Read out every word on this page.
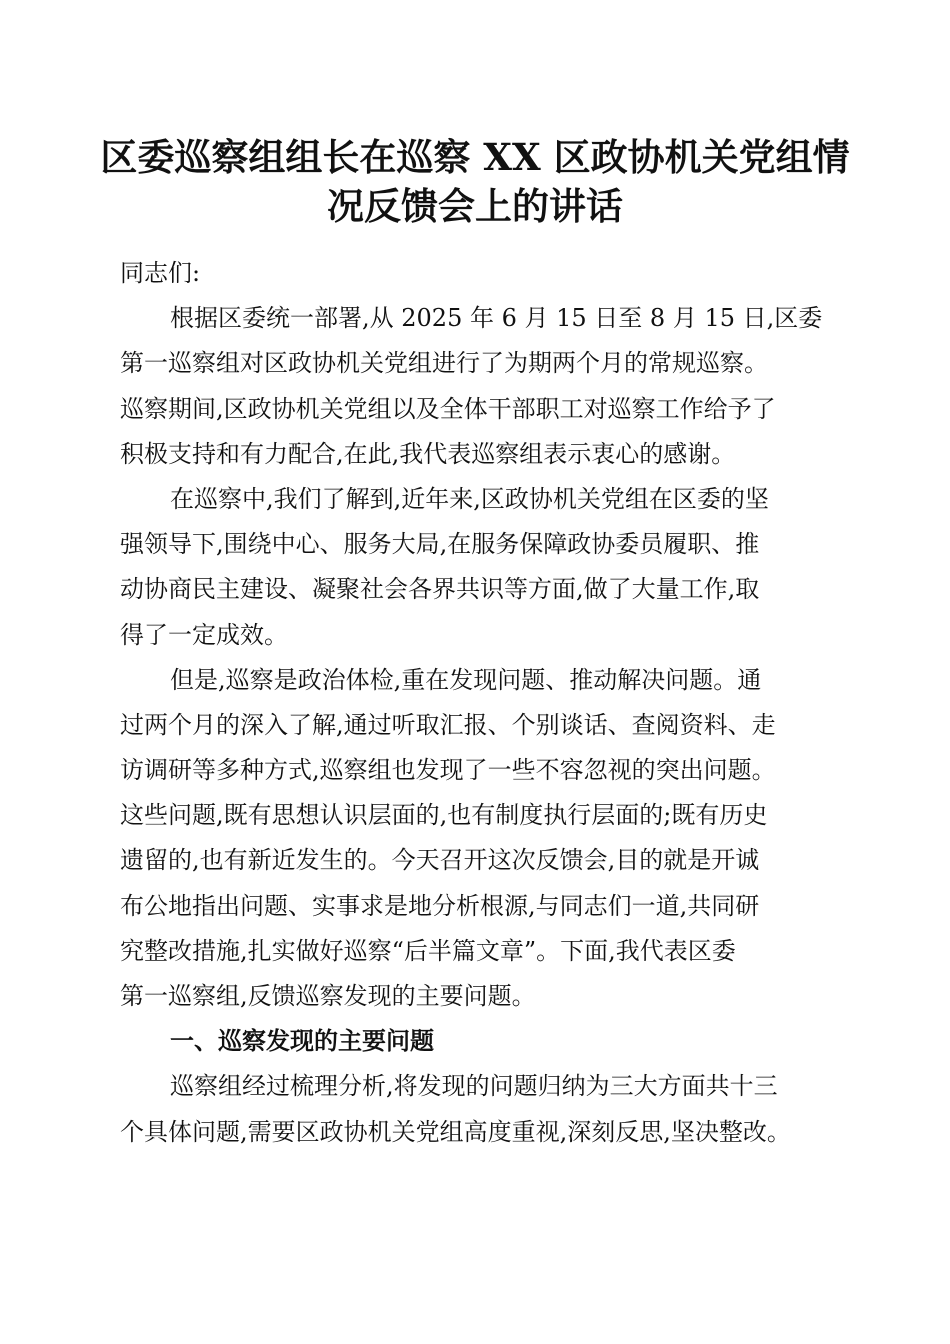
区委巡察组组长在巡察 XX 区政协机关党组情
况反馈会上的讲话
同志们:
根据区委统一部署,从 2025 年 6 月 15 日至 8 月 15 日,区委
第一巡察组对区政协机关党组进行了为期两个月的常规巡察。
巡察期间,区政协机关党组以及全体干部职工对巡察工作给予了
积极支持和有力配合,在此,我代表巡察组表示衷心的感谢。
在巡察中,我们了解到,近年来,区政协机关党组在区委的坚
强领导下,围绕中心、服务大局,在服务保障政协委员履职、推
动协商民主建设、凝聚社会各界共识等方面,做了大量工作,取
得了一定成效。
但是,巡察是政治体检,重在发现问题、推动解决问题。通
过两个月的深入了解,通过听取汇报、个别谈话、查阅资料、走
访调研等多种方式,巡察组也发现了一些不容忽视的突出问题。
这些问题,既有思想认识层面的,也有制度执行层面的;既有历史
遗留的,也有新近发生的。今天召开这次反馈会,目的就是开诚
布公地指出问题、实事求是地分析根源,与同志们一道,共同研
究整改措施,扎实做好巡察“后半篇文章”。下面,我代表区委
第一巡察组,反馈巡察发现的主要问题。
一、巡察发现的主要问题
巡察组经过梳理分析,将发现的问题归纳为三大方面共十三
个具体问题,需要区政协机关党组高度重视,深刻反思,坚决整改。
